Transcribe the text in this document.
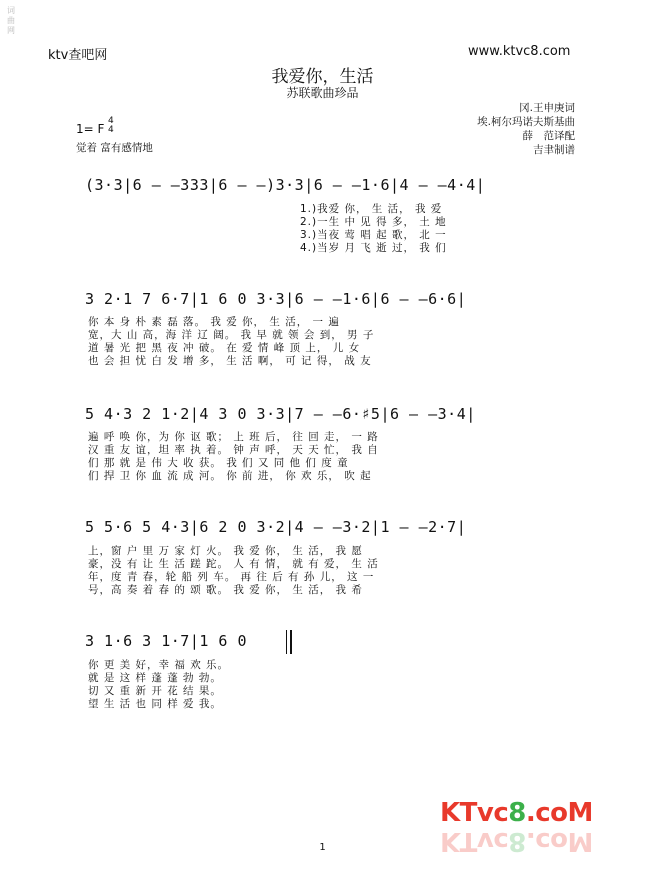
词曲网
ktv查吧网	www.ktvc8.com
我爱你，生活
苏联歌曲珍品
冈.王申庚词
埃.柯尔玛诺夫斯基曲
薛　范译配
吉聿制谱
1= F
4
4
觉着 富有感情地
(3·3|6 — —333|6 — —)3·3|6 — —1·6|4 — —4·4|
1.)我爱 你， 生 活， 我 爱
2.)一生 中 见 得 多， 土 地
3.)当夜 莺 唱 起 歌， 北 一
4.)当岁 月 飞 逝 过， 我 们
3 2·1 7 6·7|1 6 0 3·3|6 — —1·6|6 — —6·6|
你 本 身 朴 素 磊 落。 我 爱 你， 生 活， 一 遍
宽，大 山 高，海 洋 辽 阔。 我 早 就 领 会 到， 男 子
道 暑 光 把 黑 夜 冲 破。 在 爱 情 峰 顶 上， 儿 女
也 会 担 忧 白 发 增 多， 生 活 啊， 可 记 得， 战 友
5 4·3 2 1·2|4 3 0 3·3|7 — —6·♯5|6 — —3·4|
遍 呼 唤 你，为 你 讴 歌； 上 班 后， 往 回 走， 一 路
汉 重 友 谊，坦 率 执 着。 钟 声 呼， 天 天 忙， 我 自
们 那 就 是 伟 大 收 获。 我 们 又 同 他 们 度 童
们 捍 卫 你 血 流 成 河。 你 前 进， 你 欢 乐， 吹 起
5 5·6 5 4·3|6 2 0 3·2|4 — —3·2|1 — —2·7|
上，窗 户 里 万 家 灯 火。 我 爱 你， 生 活， 我 愿
豪，没 有 让 生 活 蹉 跎。 人 有 情， 就 有 爱， 生 活
年，度 青 春，轮 船 列 车。 再 往 后 有 孙 儿， 这 一
号，高 奏 着 春 的 颂 歌。 我 爱 你， 生 活， 我 希
3 1·6 3 1·7|1 6 0
你 更 美 好，幸 福 欢 乐。
就 是 这 样 蓬 蓬 勃 勃。
切 又 重 新 开 花 结 果。
望 生 活 也 同 样 爱 我。
KTvc8.coM
KTvc8.coM
1
